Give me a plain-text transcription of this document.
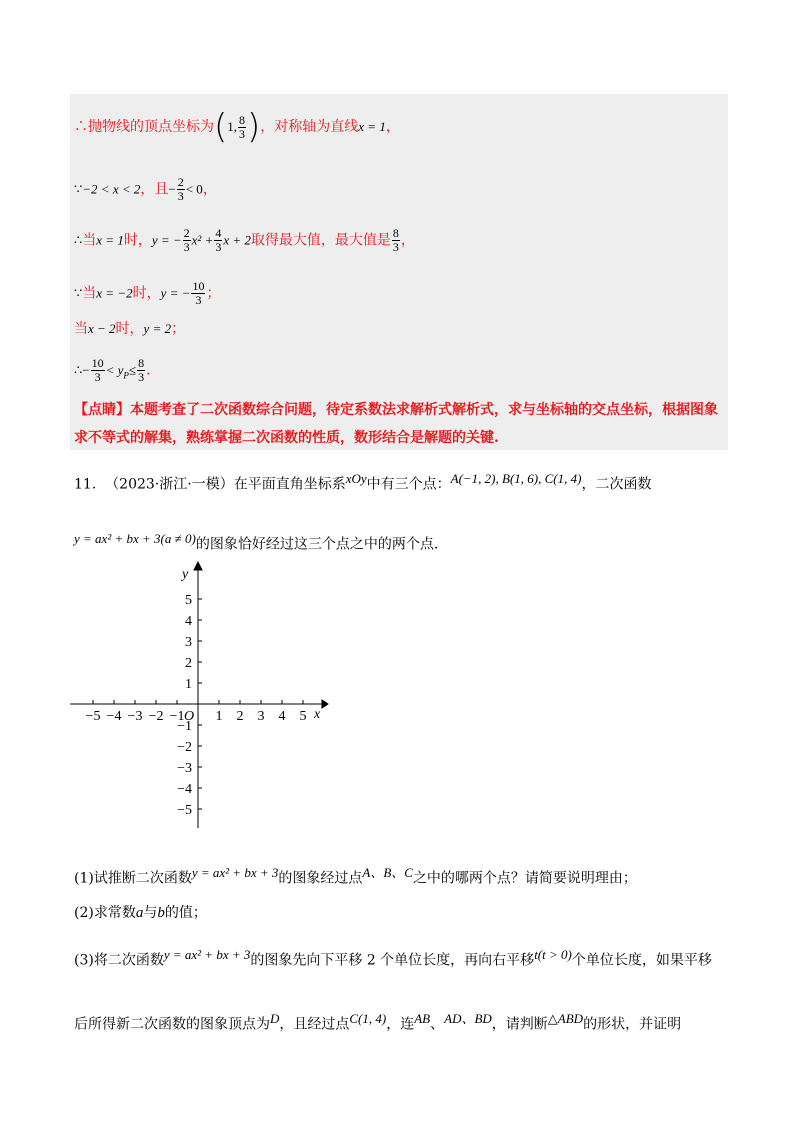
∴抛物线的顶点坐标为(1, $\frac{8}{3}$ )，对称轴为直线x = 1，
∵−2 < x < 2，且− $\frac{2}{3} < 0$，
∴当x = 1时，y = − $\frac{2}{3} x^2 + \frac{4}{3}$ x + 2取得最大值，最大值是 $\frac{8}{3}$ ，
∵当x = −2时，y = − $\frac{10}{3}$ ；
当x − 2时，y = 2；
∴− $\frac{10}{3} < y_P\le \frac{8}{3}$ .
【点睛】本题考查了二次函数综合问题，待定系数法求解析式解析式，求与坐标轴的交点坐标，根据图象求不等式的解集，熟练掌握二次函数的性质，数形结合是解题的关键.
11. （2023·浙江·一模）在平面直角坐标系$^{xOy}$中有三个点：$^{A(-1, 2), B(1, 6), C(1, 4)}$，二次函数
$^{y = ax^2 + bx + 3(a \ne 0)}$的图象恰好经过这三个点之中的两个点.
−5 −4 −3 −2 −1 1 2 3 4 5
5
4
3
2
1
−1
−2
−3
−4
−5
O	x
y
(1)试推断二次函数$^{y = ax^2 + bx + 3}$的图象经过点$^{A、B、C}$之中的哪两个点？请简要说明理由；
(2)求常数a与b的值；
(3)将二次函数$^{y = ax^2 + bx + 3}$的图象先向下平移 2 个单位长度，再向右平移$^{t(t > 0)}$个单位长度，如果平移
后所得新二次函数的图象顶点为$^D$，且经过点$^{C(1, 4)}$，连$^{AB}$、$^{AD、BD}$，请判断$^{\triangle ABD}$的形状，并证明
